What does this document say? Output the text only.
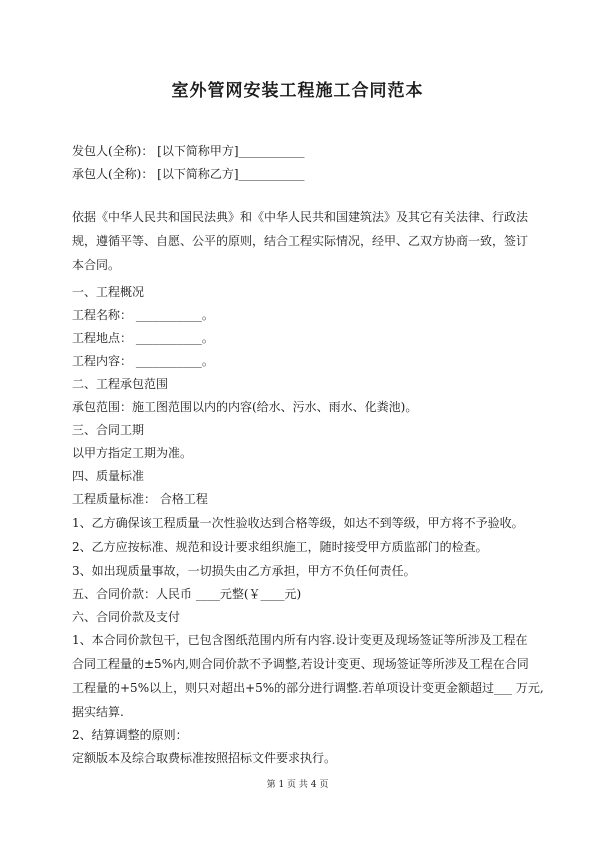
室外管网安装工程施工合同范本
发包人(全称)： [以下简称甲方]___________
承包人(全称)： [以下简称乙方]___________
依据《中华人民共和国民法典》和《中华人民共和国建筑法》及其它有关法律、行政法
规，遵循平等、自愿、公平的原则，结合工程实际情况，经甲、乙双方协商一致，签订
本合同。
一、工程概况
工程名称： ___________。
工程地点： ___________。
工程内容： ___________。
二、工程承包范围
承包范围：施工图范围以内的内容(给水、污水、雨水、化粪池)。
三、合同工期
以甲方指定工期为准。
四、质量标准
工程质量标准： 合格工程
1、乙方确保该工程质量一次性验收达到合格等级，如达不到等级，甲方将不予验收。
2、乙方应按标准、规范和设计要求组织施工，随时接受甲方质监部门的检查。
3、如出现质量事故，一切损失由乙方承担，甲方不负任何责任。
五、合同价款：人民币 ____元整(￥____元)
六、合同价款及支付
1、本合同价款包干，已包含图纸范围内所有内容.设计变更及现场签证等所涉及工程在
合同工程量的±5%内,则合同价款不予调整,若设计变更、现场签证等所涉及工程在合同
工程量的+5%以上，则只对超出+5%的部分进行调整.若单项设计变更金额超过___ 万元,
据实结算.
2、结算调整的原则：
定额版本及综合取费标准按照招标文件要求执行。
第 1 页 共 4 页
